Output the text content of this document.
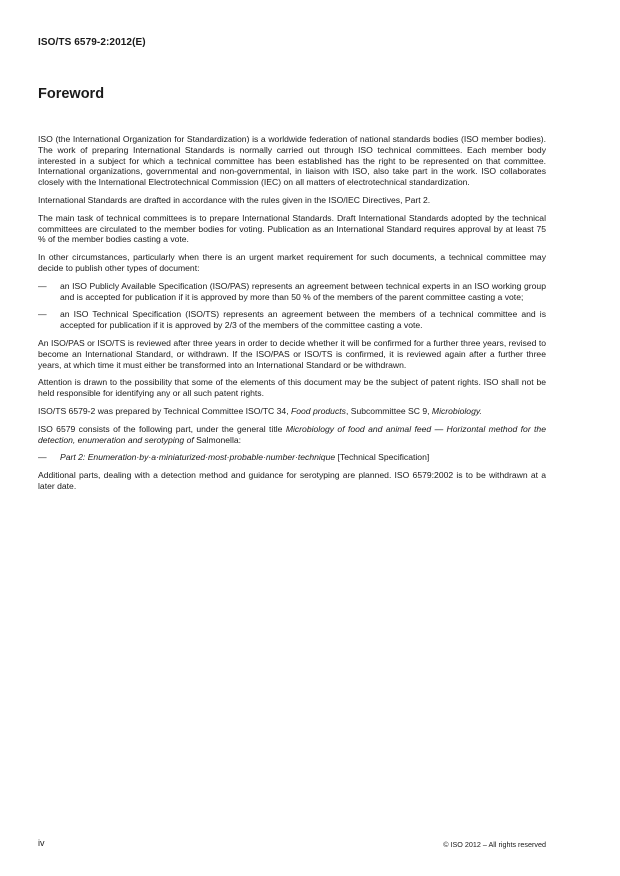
ISO/TS 6579-2:2012(E)
Foreword

ISO (the International Organization for Standardization) is a worldwide federation of national standards bodies (ISO member bodies). The work of preparing International Standards is normally carried out through ISO technical committees. Each member body interested in a subject for which a technical committee has been established has the right to be represented on that committee. International organizations, governmental and non-governmental, in liaison with ISO, also take part in the work. ISO collaborates closely with the International Electrotechnical Commission (IEC) on all matters of electrotechnical standardization.

International Standards are drafted in accordance with the rules given in the ISO/IEC Directives, Part 2.

The main task of technical committees is to prepare International Standards. Draft International Standards adopted by the technical committees are circulated to the member bodies for voting. Publication as an International Standard requires approval by at least 75 % of the member bodies casting a vote.

In other circumstances, particularly when there is an urgent market requirement for such documents, a technical committee may decide to publish other types of document:

—	an ISO Publicly Available Specification (ISO/PAS) represents an agreement between technical experts in an ISO working group and is accepted for publication if it is approved by more than 50 % of the members of the parent committee casting a vote;
—	an ISO Technical Specification (ISO/TS) represents an agreement between the members of a technical committee and is accepted for publication if it is approved by 2/3 of the members of the committee casting a vote.

An ISO/PAS or ISO/TS is reviewed after three years in order to decide whether it will be confirmed for a further three years, revised to become an International Standard, or withdrawn. If the ISO/PAS or ISO/TS is confirmed, it is reviewed again after a further three years, at which time it must either be transformed into an International Standard or be withdrawn.

Attention is drawn to the possibility that some of the elements of this document may be the subject of patent rights. ISO shall not be held responsible for identifying any or all such patent rights.

ISO/TS 6579-2 was prepared by Technical Committee ISO/TC 34, Food products, Subcommittee SC 9, Microbiology.

ISO 6579 consists of the following part, under the general title Microbiology of food and animal feed — Horizontal method for the detection, enumeration and serotyping of Salmonella:

—	Part 2: Enumeration·by·a·miniaturized·most·probable·number·technique [Technical Specification]

Additional parts, dealing with a detection method and guidance for serotyping are planned. ISO 6579:2002 is to be withdrawn at a later date.

iv	© ISO 2012 – All rights reserved
